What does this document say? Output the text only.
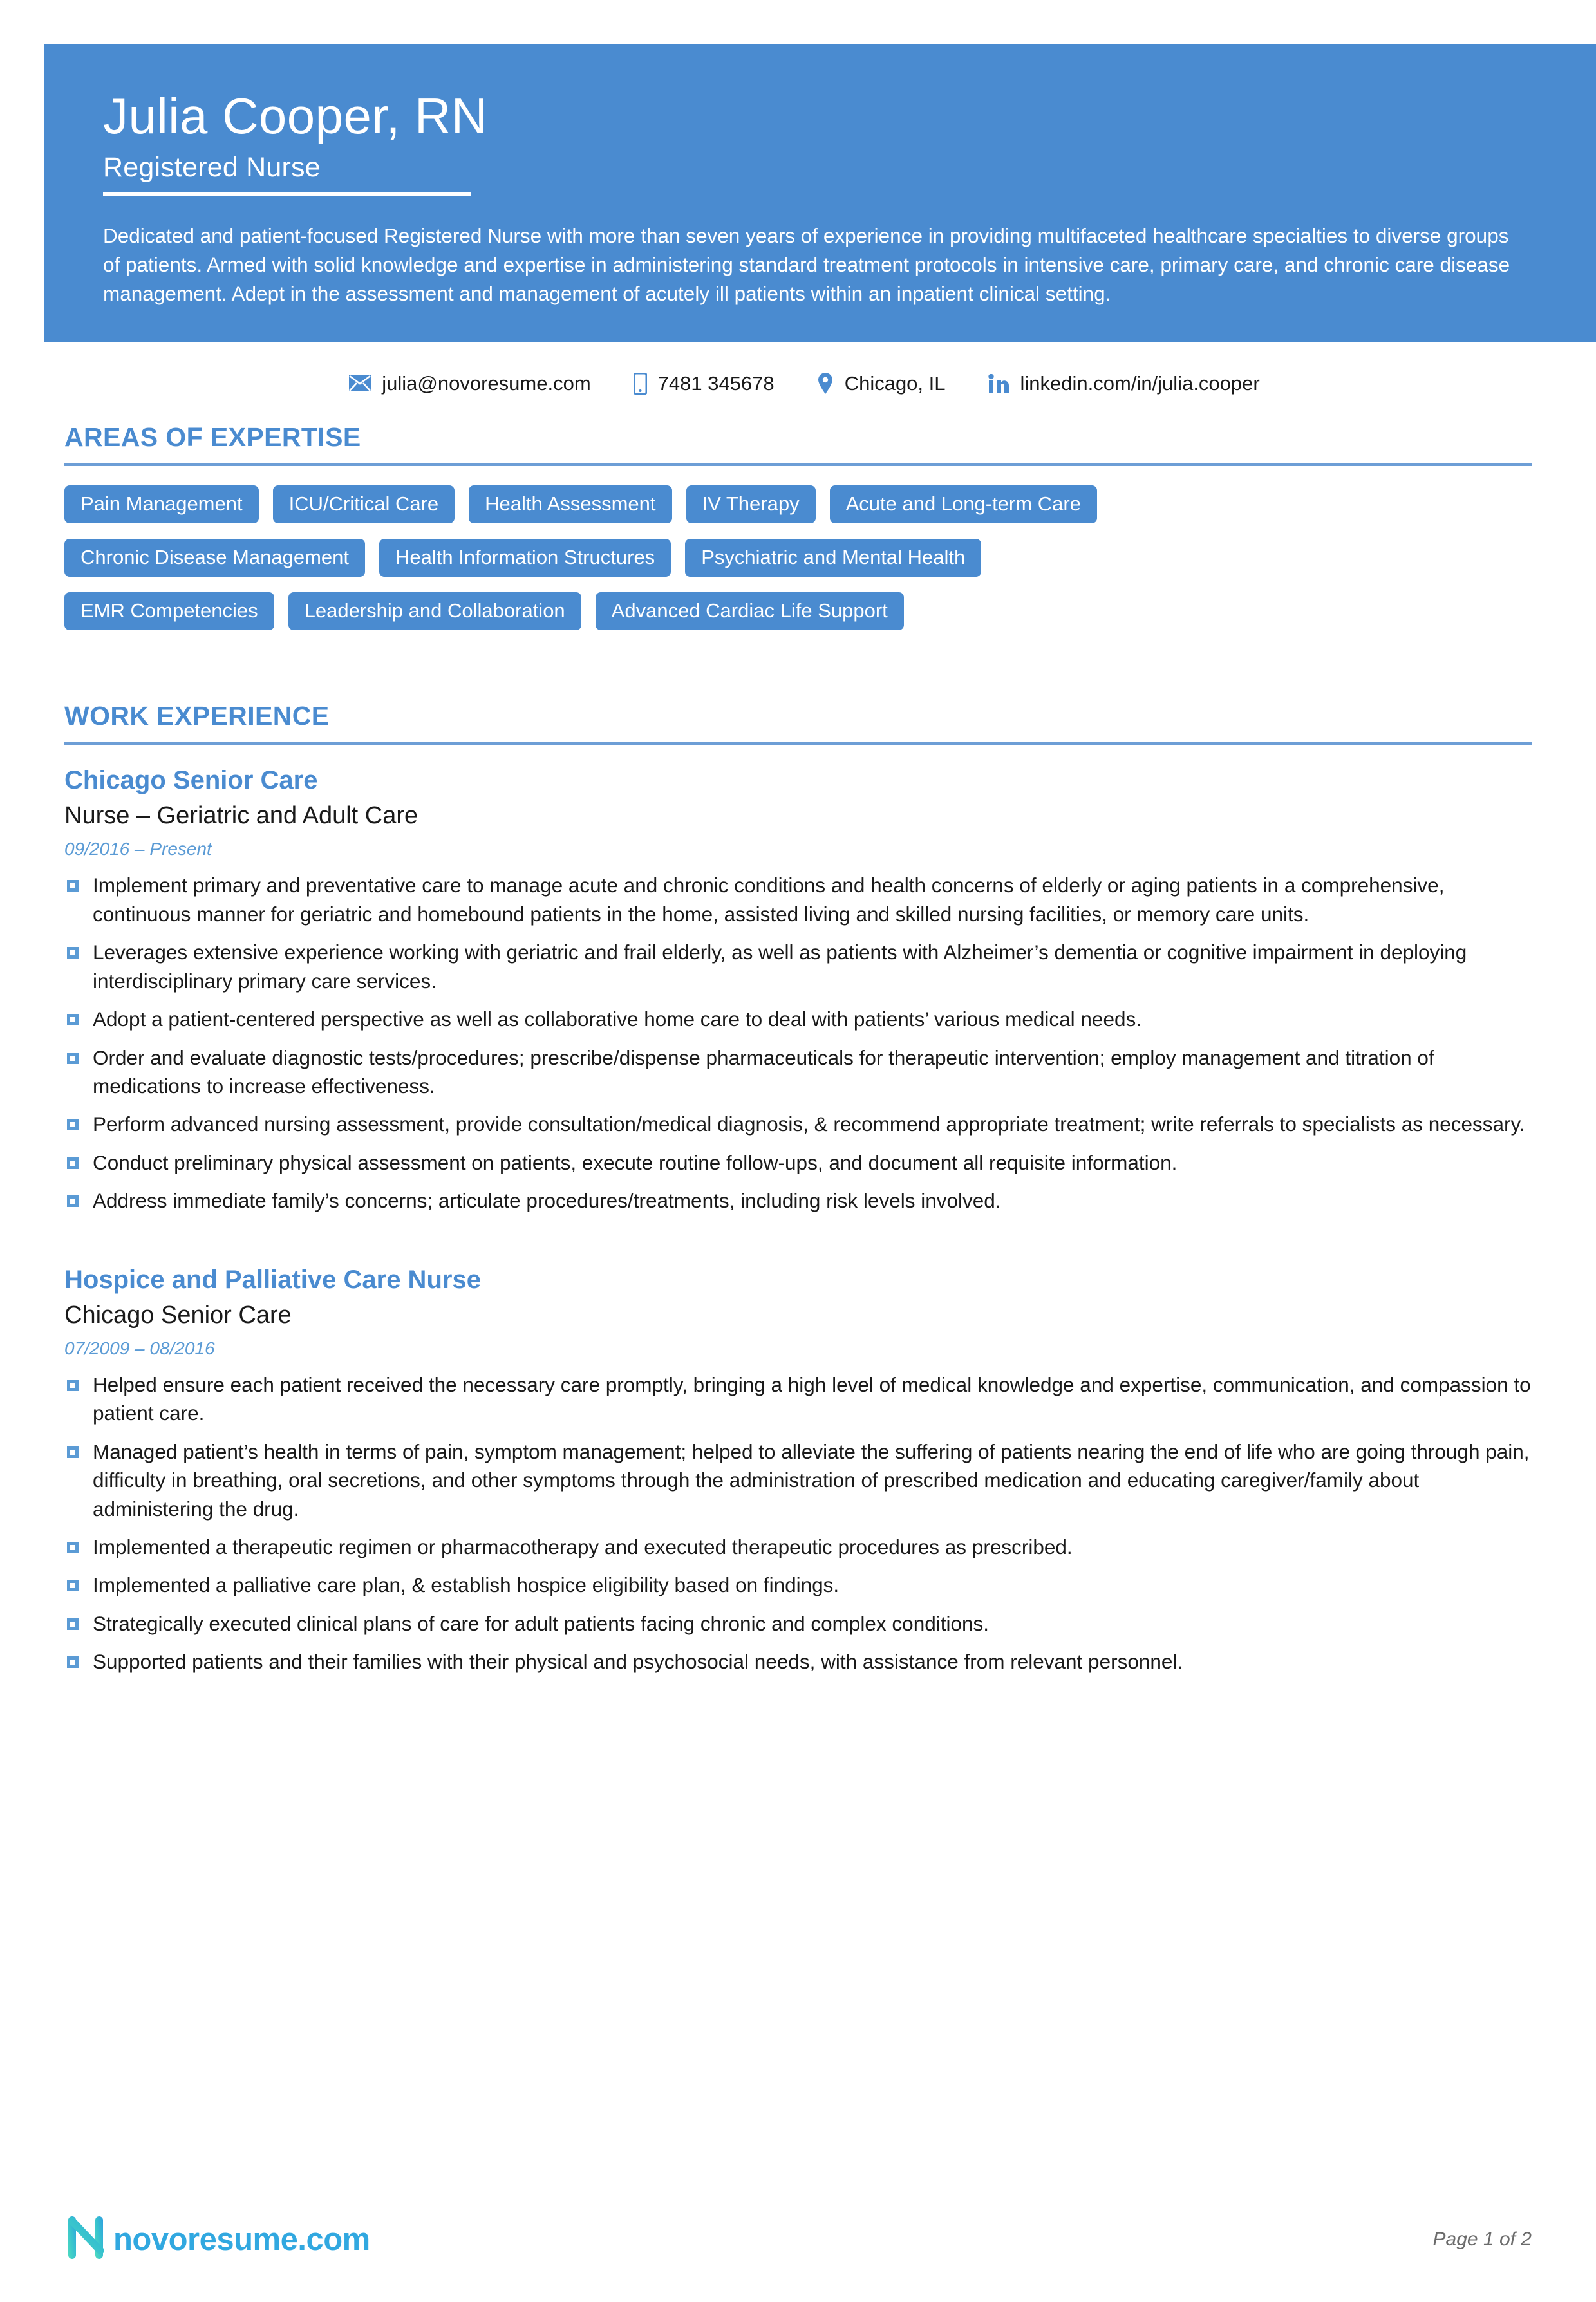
Julia Cooper, RN
Registered Nurse
Dedicated and patient-focused Registered Nurse with more than seven years of experience in providing multifaceted healthcare specialties to diverse groups of patients. Armed with solid knowledge and expertise in administering standard treatment protocols in intensive care, primary care, and chronic care disease management. Adept in the assessment and management of acutely ill patients within an inpatient clinical setting.
julia@novoresume.com	7481 345678	Chicago, IL	linkedin.com/in/julia.cooper
AREAS OF EXPERTISE
Pain Management	ICU/Critical Care	Health Assessment	IV Therapy	Acute and Long-term Care
Chronic Disease Management	Health Information Structures	Psychiatric and Mental Health
EMR Competencies	Leadership and Collaboration	Advanced Cardiac Life Support
WORK EXPERIENCE
Chicago Senior Care
Nurse – Geriatric and Adult Care
09/2016 – Present
Implement primary and preventative care to manage acute and chronic conditions and health concerns of elderly or aging patients in a comprehensive, continuous manner for geriatric and homebound patients in the home, assisted living and skilled nursing facilities, or memory care units.
Leverages extensive experience working with geriatric and frail elderly, as well as patients with Alzheimer’s dementia or cognitive impairment in deploying interdisciplinary primary care services.
Adopt a patient-centered perspective as well as collaborative home care to deal with patients’ various medical needs.
Order and evaluate diagnostic tests/procedures; prescribe/dispense pharmaceuticals for therapeutic intervention; employ management and titration of medications to increase effectiveness.
Perform advanced nursing assessment, provide consultation/medical diagnosis, & recommend appropriate treatment; write referrals to specialists as necessary.
Conduct preliminary physical assessment on patients, execute routine follow-ups, and document all requisite information.
Address immediate family’s concerns; articulate procedures/treatments, including risk levels involved.
Hospice and Palliative Care Nurse
Chicago Senior Care
07/2009 – 08/2016
Helped ensure each patient received the necessary care promptly, bringing a high level of medical knowledge and expertise, communication, and compassion to patient care.
Managed patient’s health in terms of pain, symptom management; helped to alleviate the suffering of patients nearing the end of life who are going through pain, difficulty in breathing, oral secretions, and other symptoms through the administration of prescribed medication and educating caregiver/family about administering the drug.
Implemented a therapeutic regimen or pharmacotherapy and executed therapeutic procedures as prescribed.
Implemented a palliative care plan, & establish hospice eligibility based on findings.
Strategically executed clinical plans of care for adult patients facing chronic and complex conditions.
Supported patients and their families with their physical and psychosocial needs, with assistance from relevant personnel.
novoresume.com	Page 1 of 2
